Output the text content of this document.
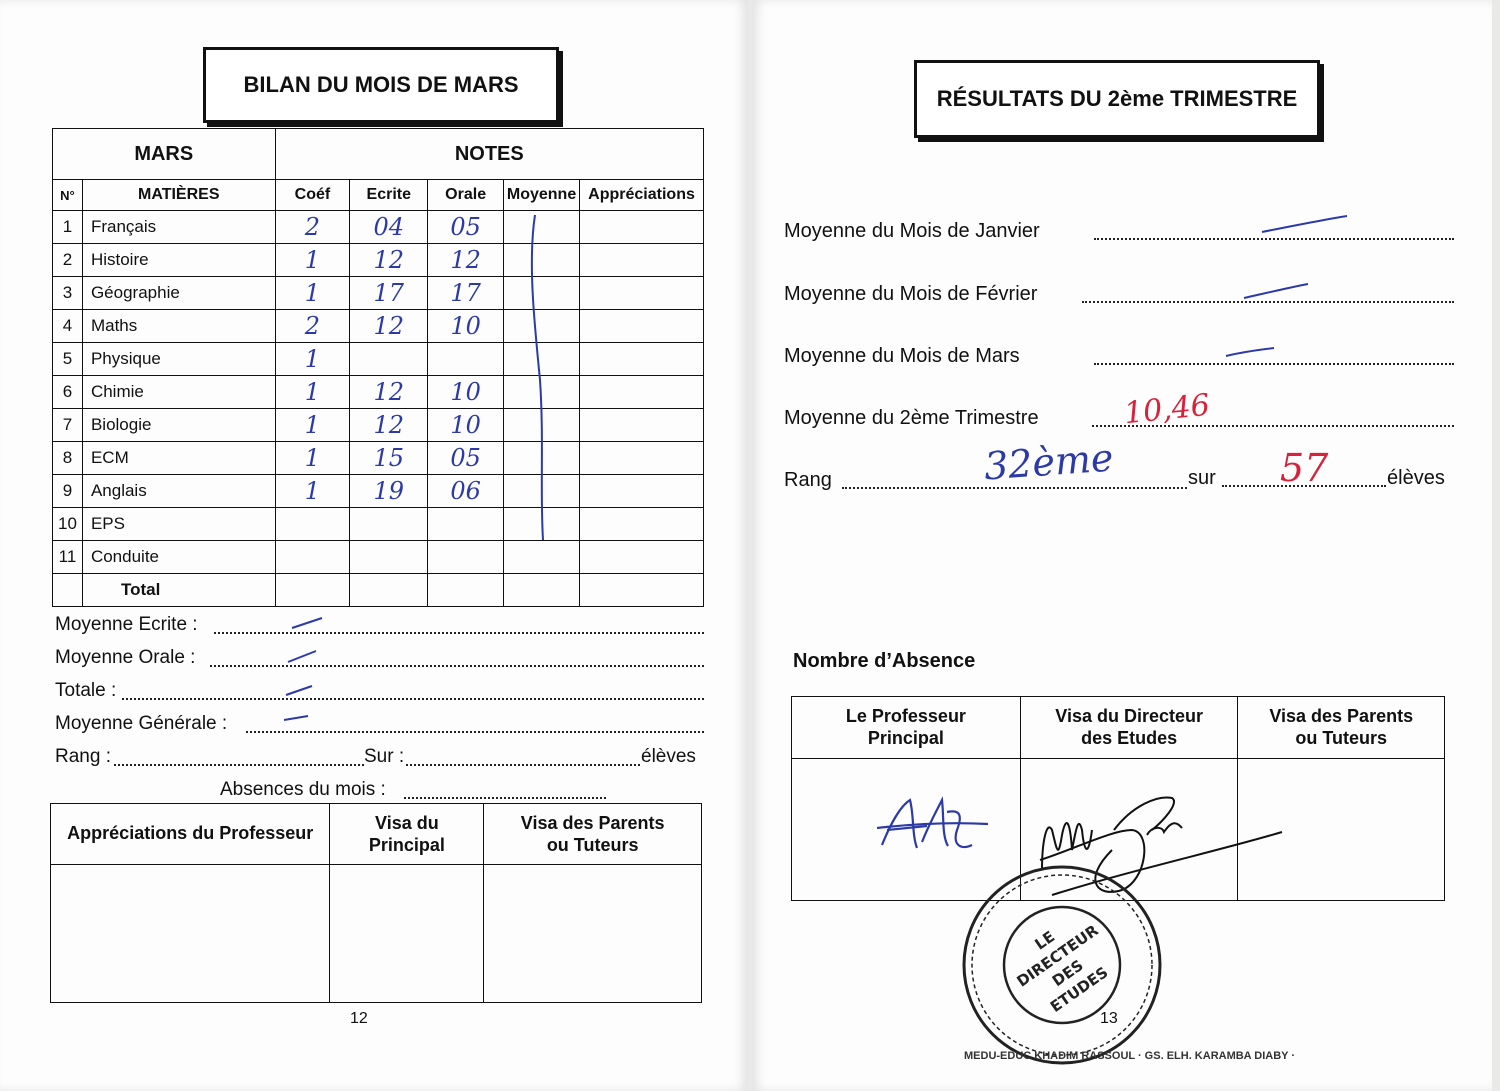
BILAN DU MOIS DE MARS
MARS		NOTES				
N°	MATIÈRES	Coéf	Ecrite	Orale	Moyenne	Appréciations
1	Français	2	04	05		
2	Histoire	1	12	12		
3	Géographie	1	17	17		
4	Maths	2	12	10		
5	Physique	1				
6	Chimie	1	12	10		
7	Biologie	1	12	10		
8	ECM	1	15	05		
9	Anglais	1	19	06		
10	EPS					
11	Conduite					
	Total					
Moyenne Ecrite :
Moyenne Orale :
Totale :
Moyenne Générale :
Rang :	Sur :	élèves
Absences du mois :
Appréciations du Professeur	Visa du Principal	Visa des Parents ou Tuteurs

12
RÉSULTATS DU 2ème TRIMESTRE
Moyenne du Mois de Janvier
Moyenne du Mois de Février
Moyenne du Mois de Mars
Moyenne du 2ème Trimestre
Rang	sur	élèves
10,46
32ème	57
Nombre d’Absence
Le Professeur Principal	Visa du Directeur des Etudes	Visa des Parents ou Tuteurs

13
LE DIRECTEUR DES ETUDES
MEDU-EDUC KHADIM RASSOUL · GS. ELH. KARAMBA DIABY ·
